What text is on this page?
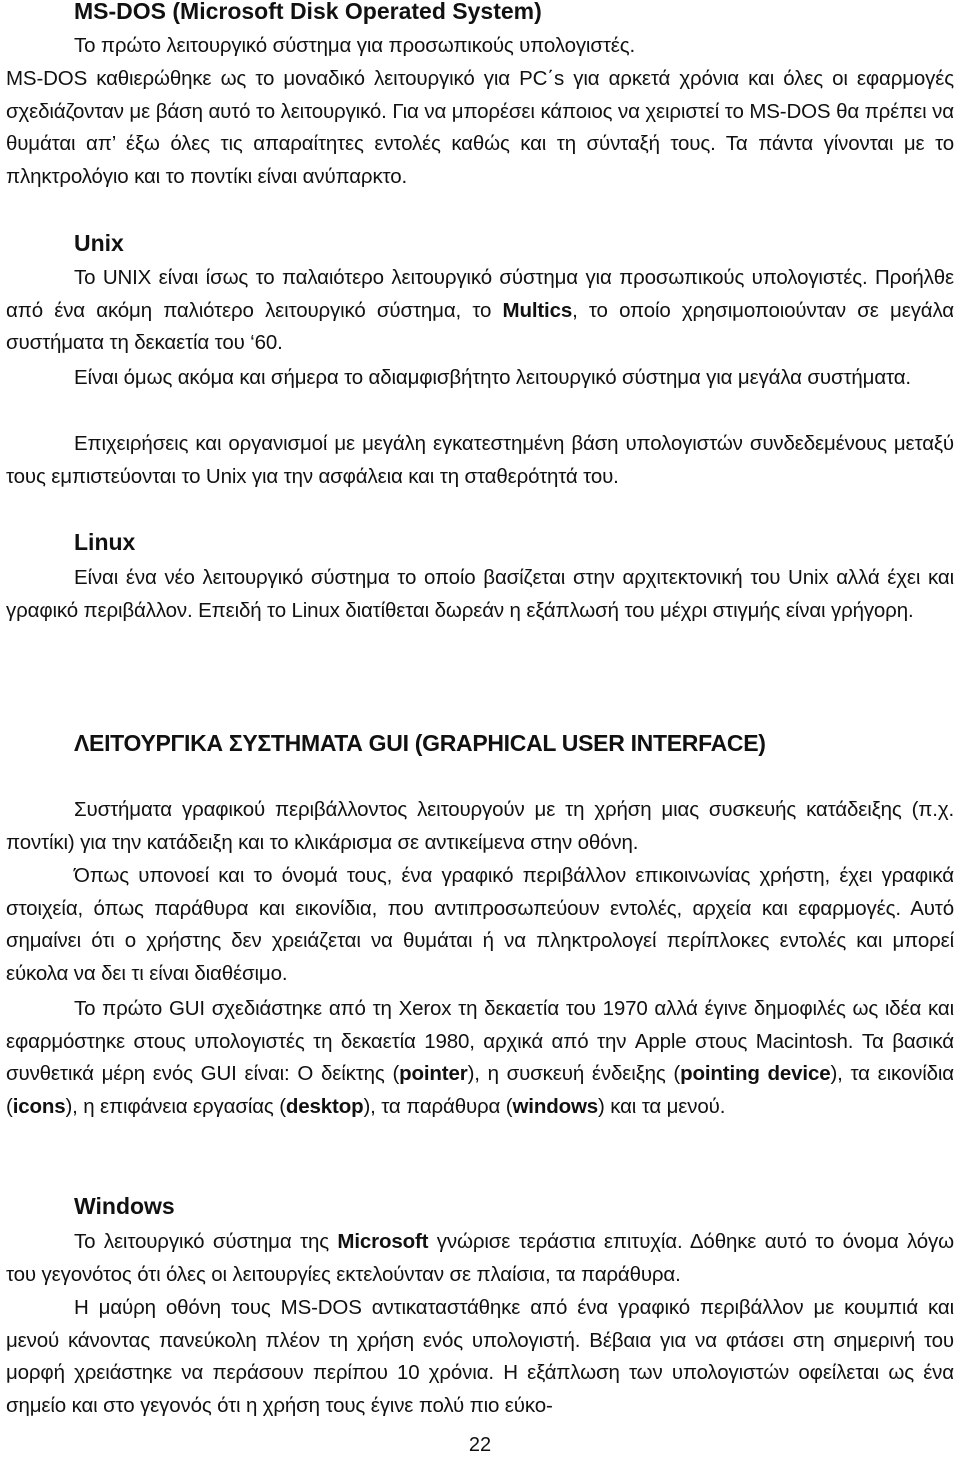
MS-DOS (Microsoft Disk Operated System)

Το πρώτο λειτουργικό σύστημα για προσωπικούς υπολογιστές.

MS-DOS καθιερώθηκε ως το μοναδικό λειτουργικό για PC΄s για αρκετά χρόνια και όλες οι εφαρμογές σχεδιάζονταν με βάση αυτό το λειτουργικό. Για να μπορέσει κάποιος να χειριστεί το MS-DOS θα πρέπει να θυμάται απ’ έξω όλες τις απαραίτητες εντολές καθώς και τη σύνταξή τους. Τα πάντα γίνονται με το πληκτρολόγιο και το ποντίκι είναι ανύπαρκτο.

Unix

Το UNIX είναι ίσως το παλαιότερο λειτουργικό σύστημα για προσωπικούς υπολογιστές. Προήλθε από ένα ακόμη παλιότερο λειτουργικό σύστημα, το Multics, το οποίο χρησιμοποιούνταν σε μεγάλα συστήματα τη δεκαετία του ‘60.

Είναι όμως ακόμα και σήμερα το αδιαμφισβήτητο λειτουργικό σύστημα για μεγάλα συστήματα.

Επιχειρήσεις και οργανισμοί με μεγάλη εγκατεστημένη βάση υπολογιστών συνδεδεμένους μεταξύ τους εμπιστεύονται το Unix για την ασφάλεια και τη σταθερότητά του.

Linux

Είναι ένα νέο λειτουργικό σύστημα το οποίο βασίζεται στην αρχιτεκτονική του Unix αλλά έχει και γραφικό περιβάλλον. Επειδή το Linux διατίθεται δωρεάν η εξάπλωσή του μέχρι στιγμής είναι γρήγορη.

ΛΕΙΤΟΥΡΓΙΚΑ ΣΥΣΤΗΜΑΤΑ GUI (GRAPHICAL USER INTERFACE)

Συστήματα γραφικού περιβάλλοντος λειτουργούν με τη χρήση μιας συσκευής κατάδειξης (π.χ. ποντίκι) για την κατάδειξη και το κλικάρισμα σε αντικείμενα στην οθόνη.

Όπως υπονοεί και το όνομά τους, ένα γραφικό περιβάλλον επικοινωνίας χρήστη, έχει γραφικά στοιχεία, όπως παράθυρα και εικονίδια, που αντιπροσωπεύουν εντολές, αρχεία και εφαρμογές. Αυτό σημαίνει ότι ο χρήστης δεν χρειάζεται να θυμάται ή να πληκτρολογεί περίπλοκες εντολές και μπορεί εύκολα να δει τι είναι διαθέσιμο.

Το πρώτο GUI σχεδιάστηκε από τη Xerox τη δεκαετία του 1970 αλλά έγινε δημοφιλές ως ιδέα και εφαρμόστηκε στους υπολογιστές τη δεκαετία 1980, αρχικά από την Apple στους Macintosh. Τα βασικά συνθετικά μέρη ενός GUI είναι: Ο δείκτης (pointer), η συσκευή ένδειξης (pointing device), τα εικονίδια (icons), η επιφάνεια εργασίας (desktop), τα παράθυρα (windows) και τα μενού.

Windows

Το λειτουργικό σύστημα της Microsoft γνώρισε τεράστια επιτυχία. Δόθηκε αυτό το όνομα λόγω του γεγονότος ότι όλες οι λειτουργίες εκτελούνταν σε πλαίσια, τα παράθυρα.

Η μαύρη οθόνη τους MS-DOS αντικαταστάθηκε από ένα γραφικό περιβάλλον με κουμπιά και μενού κάνοντας πανεύκολη πλέον τη χρήση ενός υπολογιστή. Βέβαια για να φτάσει στη σημερινή του μορφή χρειάστηκε να περάσουν περίπου 10 χρόνια. Η εξάπλωση των υπολογιστών οφείλεται ως ένα σημείο και στο γεγονός ότι η χρήση τους έγινε πολύ πιο εύκο-

22
